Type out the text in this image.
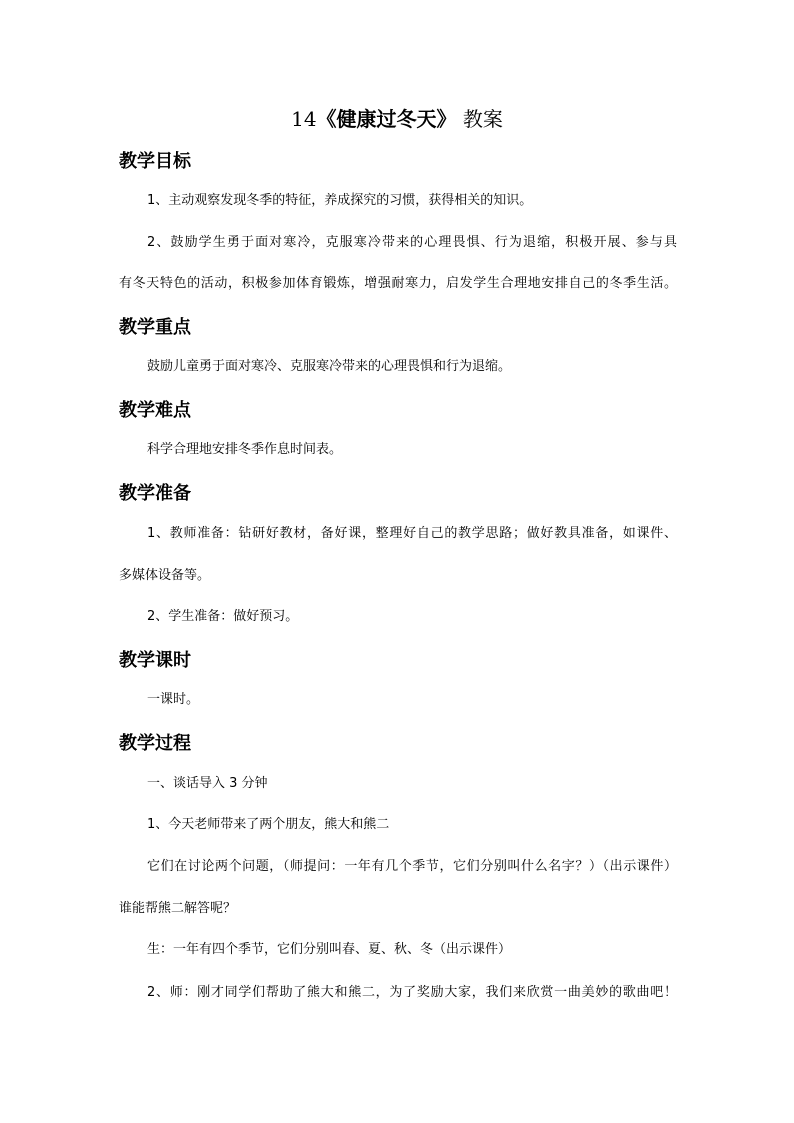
14《健康过冬天》 教案
教学目标
1、主动观察发现冬季的特征，养成探究的习惯，获得相关的知识。
2、鼓励学生勇于面对寒冷，克服寒冷带来的心理畏惧、行为退缩，积极开展、参与具
有冬天特色的活动，积极参加体育锻炼，增强耐寒力，启发学生合理地安排自己的冬季生活。
教学重点
鼓励儿童勇于面对寒冷、克服寒冷带来的心理畏惧和行为退缩。
教学难点
科学合理地安排冬季作息时间表。
教学准备
1、教师准备：钻研好教材，备好课，整理好自己的教学思路；做好教具准备，如课件、
多媒体设备等。
2、学生准备：做好预习。
教学课时
一课时。
教学过程
一、谈话导入 3 分钟
1、今天老师带来了两个朋友，熊大和熊二
它们在讨论两个问题，（师提问：一年有几个季节，它们分别叫什么名字？）（出示课件）
谁能帮熊二解答呢？
生：一年有四个季节，它们分别叫春、夏、秋、冬（出示课件）
2、师：刚才同学们帮助了熊大和熊二，为了奖励大家，我们来欣赏一曲美妙的歌曲吧！
